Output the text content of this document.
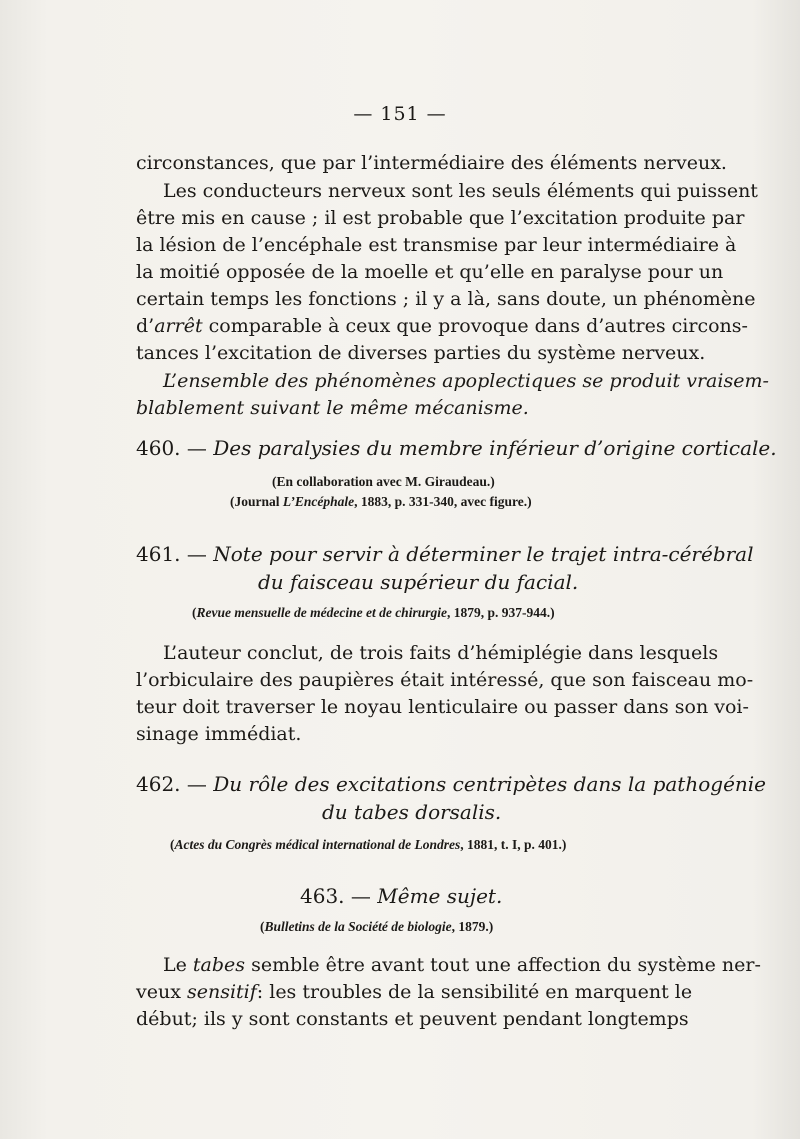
— 151 —
circonstances, que par l’intermédiaire des éléments nerveux.
Les conducteurs nerveux sont les seuls éléments qui puissent
être mis en cause ; il est probable que l’excitation produite par
la lésion de l’encéphale est transmise par leur intermédiaire à
la moitié opposée de la moelle et qu’elle en paralyse pour un
certain temps les fonctions ; il y a là, sans doute, un phénomène
d’arrêt comparable à ceux que provoque dans d’autres circons-
tances l’excitation de diverses parties du système nerveux.
L’ensemble des phénomènes apoplectiques se produit vraisem-
blablement suivant le même mécanisme.
460. — Des paralysies du membre inférieur d’origine corticale.
(En collaboration avec M. Giraudeau.)
(Journal L’Encéphale, 1883, p. 331-340, avec figure.)
461. — Note pour servir à déterminer le trajet intra-cérébral
du faisceau supérieur du facial.
(Revue mensuelle de médecine et de chirurgie, 1879, p. 937-944.)
L’auteur conclut, de trois faits d’hémiplégie dans lesquels
l’orbiculaire des paupières était intéressé, que son faisceau mo-
teur doit traverser le noyau lenticulaire ou passer dans son voi-
sinage immédiat.
462. — Du rôle des excitations centripètes dans la pathogénie
du tabes dorsalis.
(Actes du Congrès médical international de Londres, 1881, t. I, p. 401.)
463. — Même sujet.
(Bulletins de la Société de biologie, 1879.)
Le tabes semble être avant tout une affection du système ner-
veux sensitif: les troubles de la sensibilité en marquent le
début; ils y sont constants et peuvent pendant longtemps
